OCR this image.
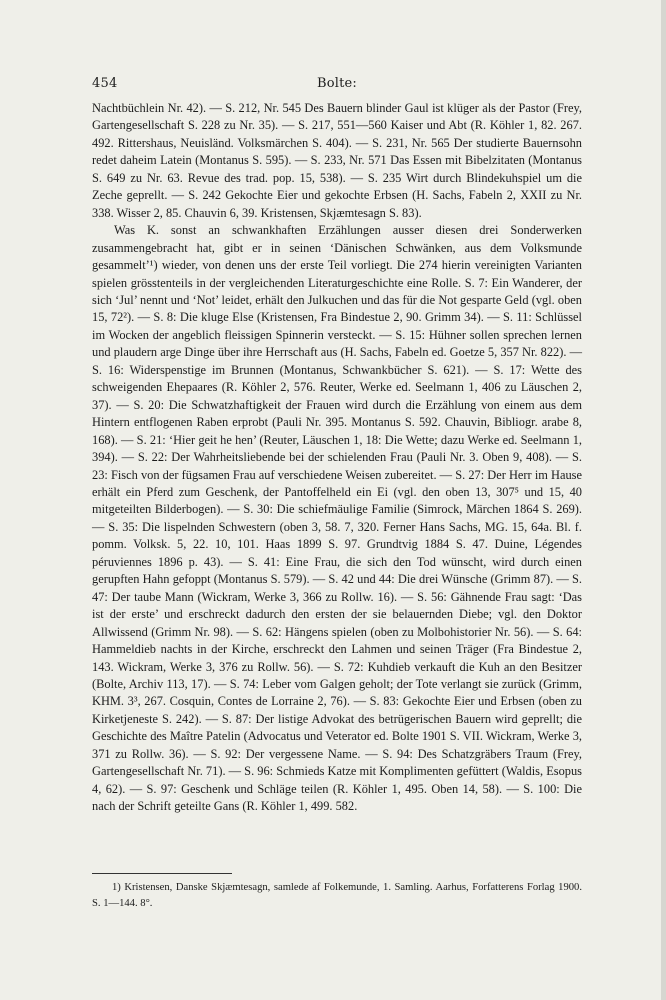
454	Bolte:

Nachtbüchlein Nr. 42). — S. 212, Nr. 545 Des Bauern blinder Gaul ist klüger als der Pastor (Frey, Gartengesellschaft S. 228 zu Nr. 35). — S. 217, 551—560 Kaiser und Abt (R. Köhler 1, 82. 267. 492. Rittershaus, Neuisländ. Volksmärchen S. 404). — S. 231, Nr. 565 Der studierte Bauernsohn redet daheim Latein (Montanus S. 595). — S. 233, Nr. 571 Das Essen mit Bibelzitaten (Montanus S. 649 zu Nr. 63. Revue des trad. pop. 15, 538). — S. 235 Wirt durch Blindekuhspiel um die Zeche geprellt. — S. 242 Gekochte Eier und gekochte Erbsen (H. Sachs, Fabeln 2, XXII zu Nr. 338. Wisser 2, 85. Chauvin 6, 39. Kristensen, Skjæmtesagn S. 83).

Was K. sonst an schwankhaften Erzählungen ausser diesen drei Sonderwerken zusammengebracht hat, gibt er in seinen ‘Dänischen Schwänken, aus dem Volksmunde gesammelt’¹) wieder, von denen uns der erste Teil vorliegt. Die 274 hierin vereinigten Varianten spielen grösstenteils in der vergleichenden Literaturgeschichte eine Rolle. S. 7: Ein Wanderer, der sich ‘Jul’ nennt und ‘Not’ leidet, erhält den Julkuchen und das für die Not gesparte Geld (vgl. oben 15, 72²). — S. 8: Die kluge Else (Kristensen, Fra Bindestue 2, 90. Grimm 34). — S. 11: Schlüssel im Wocken der angeblich fleissigen Spinnerin versteckt. — S. 15: Hühner sollen sprechen lernen und plaudern arge Dinge über ihre Herrschaft aus (H. Sachs, Fabeln ed. Goetze 5, 357 Nr. 822). — S. 16: Widerspenstige im Brunnen (Montanus, Schwankbücher S. 621). — S. 17: Wette des schweigenden Ehepaares (R. Köhler 2, 576. Reuter, Werke ed. Seelmann 1, 406 zu Läuschen 2, 37). — S. 20: Die Schwatzhaftigkeit der Frauen wird durch die Erzählung von einem aus dem Hintern entflogenen Raben erprobt (Pauli Nr. 395. Montanus S. 592. Chauvin, Bibliogr. arabe 8, 168). — S. 21: ‘Hier geit he hen’ (Reuter, Läuschen 1, 18: Die Wette; dazu Werke ed. Seelmann 1, 394). — S. 22: Der Wahrheitsliebende bei der schielenden Frau (Pauli Nr. 3. Oben 9, 408). — S. 23: Fisch von der fügsamen Frau auf verschiedene Weisen zubereitet. — S. 27: Der Herr im Hause erhält ein Pferd zum Geschenk, der Pantoffelheld ein Ei (vgl. den oben 13, 307⁵ und 15, 40 mitgeteilten Bilderbogen). — S. 30: Die schiefmäulige Familie (Simrock, Märchen 1864 S. 269). — S. 35: Die lispelnden Schwestern (oben 3, 58. 7, 320. Ferner Hans Sachs, MG. 15, 64a. Bl. f. pomm. Volksk. 5, 22. 10, 101. Haas 1899 S. 97. Grundtvig 1884 S. 47. Duine, Légendes péruviennes 1896 p. 43). — S. 41: Eine Frau, die sich den Tod wünscht, wird durch einen gerupften Hahn gefoppt (Montanus S. 579). — S. 42 und 44: Die drei Wünsche (Grimm 87). — S. 47: Der taube Mann (Wickram, Werke 3, 366 zu Rollw. 16). — S. 56: Gähnende Frau sagt: ‘Das ist der erste’ und erschreckt dadurch den ersten der sie belauernden Diebe; vgl. den Doktor Allwissend (Grimm Nr. 98). — S. 62: Hängens spielen (oben zu Molbohistorier Nr. 56). — S. 64: Hammeldieb nachts in der Kirche, erschreckt den Lahmen und seinen Träger (Fra Bindestue 2, 143. Wickram, Werke 3, 376 zu Rollw. 56). — S. 72: Kuhdieb verkauft die Kuh an den Besitzer (Bolte, Archiv 113, 17). — S. 74: Leber vom Galgen geholt; der Tote verlangt sie zurück (Grimm, KHM. 3³, 267. Cosquin, Contes de Lorraine 2, 76). — S. 83: Gekochte Eier und Erbsen (oben zu Kirketjeneste S. 242). — S. 87: Der listige Advokat des betrügerischen Bauern wird geprellt; die Geschichte des Maître Patelin (Advocatus und Veterator ed. Bolte 1901 S. VII. Wickram, Werke 3, 371 zu Rollw. 36). — S. 92: Der vergessene Name. — S. 94: Des Schatzgräbers Traum (Frey, Gartengesellschaft Nr. 71). — S. 96: Schmieds Katze mit Komplimenten gefüttert (Waldis, Esopus 4, 62). — S. 97: Geschenk und Schläge teilen (R. Köhler 1, 495. Oben 14, 58). — S. 100: Die nach der Schrift geteilte Gans (R. Köhler 1, 499. 582.

1) Kristensen, Danske Skjæmtesagn, samlede af Folkemunde, 1. Samling. Aarhus, Forfatterens Forlag 1900. S. 1—144. 8°.
